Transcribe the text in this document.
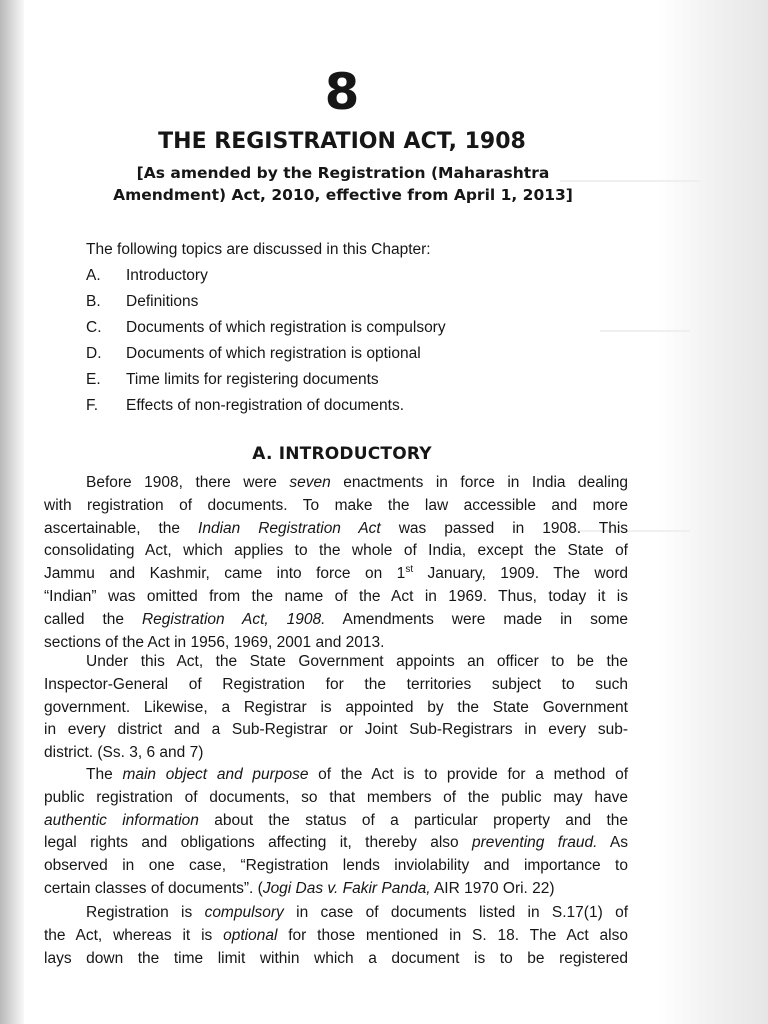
8
THE REGISTRATION ACT, 1908
[As amended by the Registration (Maharashtra
Amendment) Act, 2010, effective from April 1, 2013]
The following topics are discussed in this Chapter:
A. Introductory
B. Definitions
C. Documents of which registration is compulsory
D. Documents of which registration is optional
E. Time limits for registering documents
F. Effects of non-registration of documents.
A. INTRODUCTORY
Before 1908, there were seven enactments in force in India dealing
with registration of documents. To make the law accessible and more
ascertainable, the Indian Registration Act was passed in 1908. This
consolidating Act, which applies to the whole of India, except the State of
Jammu and Kashmir, came into force on 1st January, 1909. The word
“Indian” was omitted from the name of the Act in 1969. Thus, today it is
called the Registration Act, 1908. Amendments were made in some
sections of the Act in 1956, 1969, 2001 and 2013.
Under this Act, the State Government appoints an officer to be the
Inspector-General of Registration for the territories subject to such
government. Likewise, a Registrar is appointed by the State Government
in every district and a Sub-Registrar or Joint Sub-Registrars in every sub-
district. (Ss. 3, 6 and 7)
The main object and purpose of the Act is to provide for a method of
public registration of documents, so that members of the public may have
authentic information about the status of a particular property and the
legal rights and obligations affecting it, thereby also preventing fraud. As
observed in one case, “Registration lends inviolability and importance to
certain classes of documents”. (Jogi Das v. Fakir Panda, AIR 1970 Ori. 22)
Registration is compulsory in case of documents listed in S.17(1) of
the Act, whereas it is optional for those mentioned in S. 18. The Act also
lays down the time limit within which a document is to be registered
